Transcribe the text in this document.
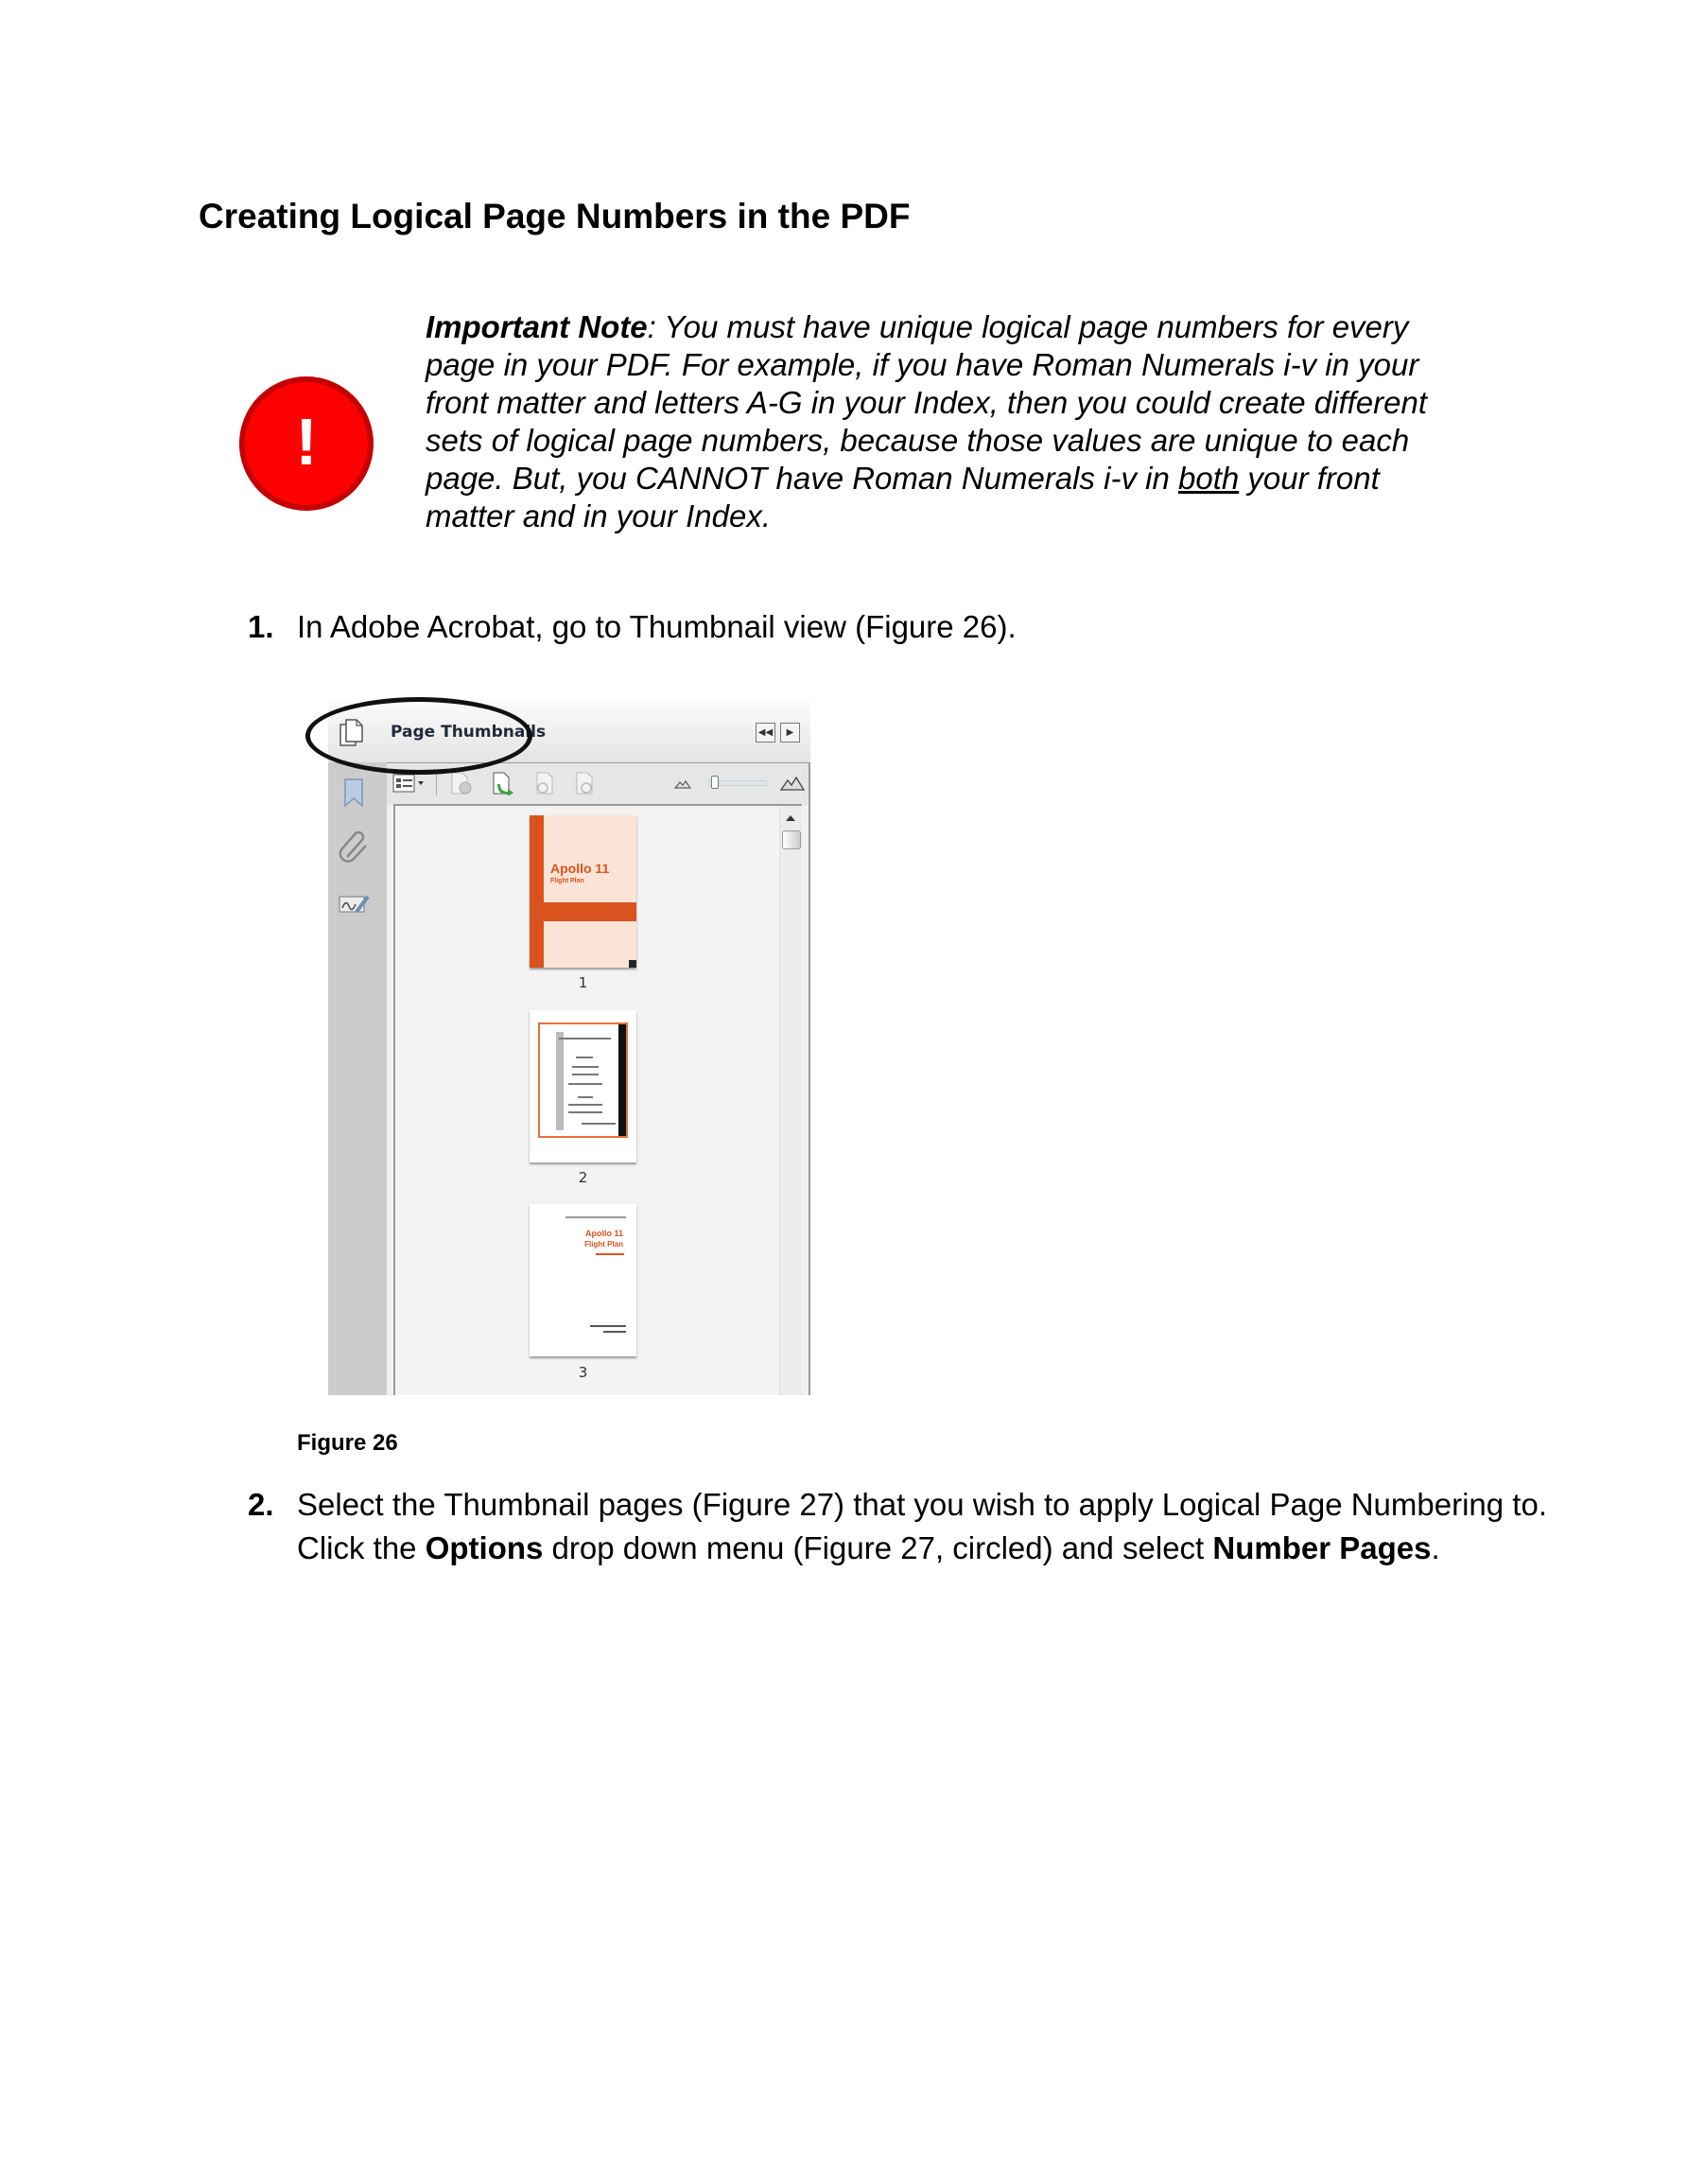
Creating Logical Page Numbers in the PDF
!
Important Note: You must have unique logical page numbers for every page in your PDF. For example, if you have Roman Numerals i-v in your front matter and letters A-G in your Index, then you could create different sets of logical page numbers, because those values are unique to each page. But, you CANNOT have Roman Numerals i-v in both your front matter and in your Index.
1. In Adobe Acrobat, go to Thumbnail view (Figure 26).
Page Thumbnails	◀◀	▶
Apollo 11
Flight Plan
1
2
Apollo 11
Flight Plan
3
Figure 26
2. Select the Thumbnail pages (Figure 27) that you wish to apply Logical Page Numbering to. Click the Options drop down menu (Figure 27, circled) and select Number Pages.
